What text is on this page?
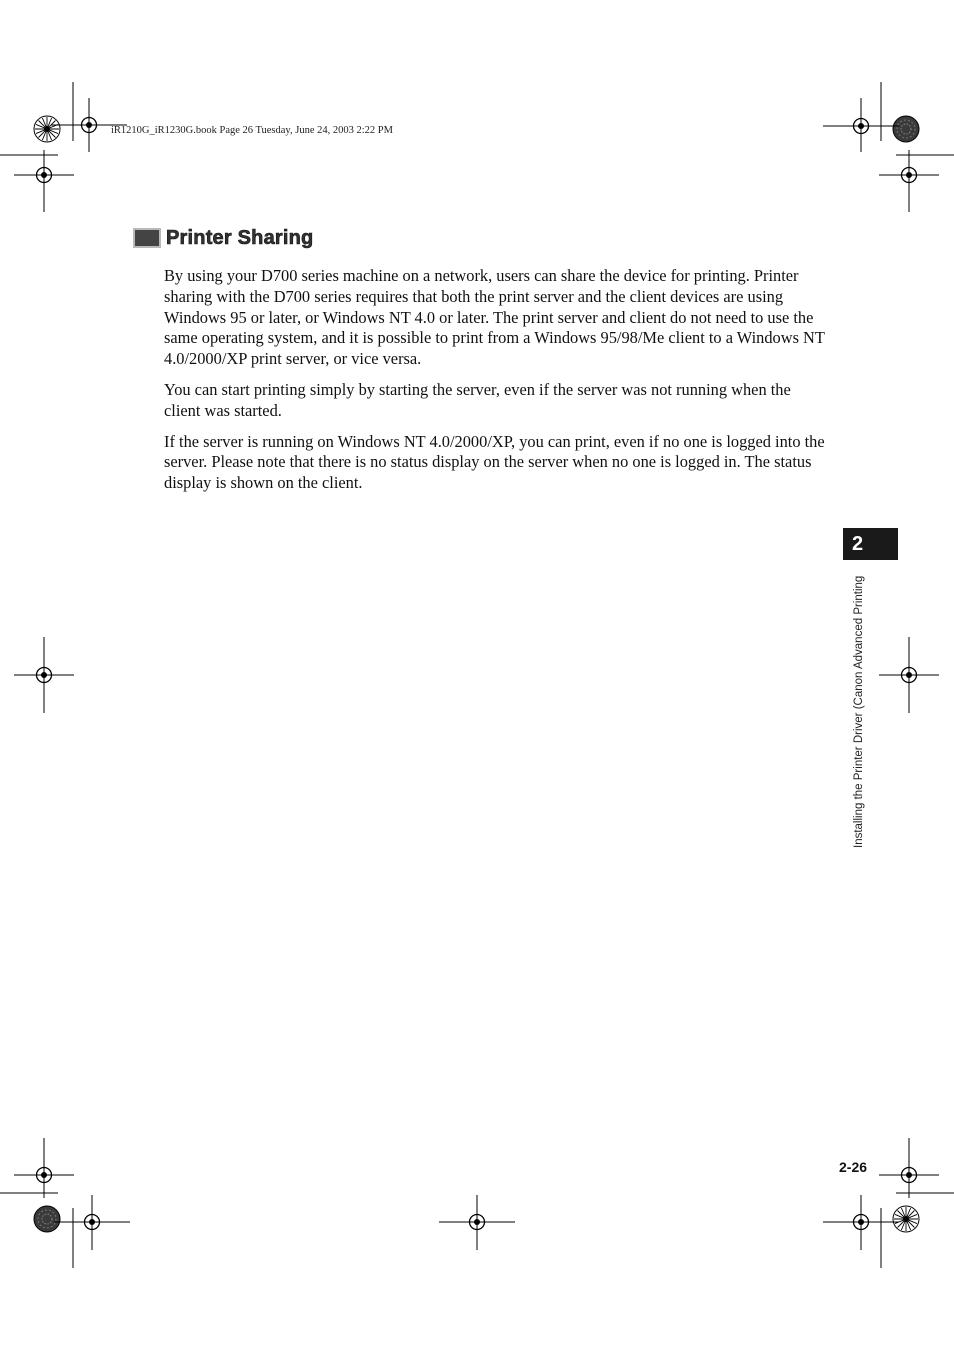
iR1210G_iR1230G.book Page 26 Tuesday, June 24, 2003 2:22 PM
Printer Sharing

By using your D700 series machine on a network, users can share the device for printing. Printer sharing with the D700 series requires that both the print server and the client devices are using Windows 95 or later, or Windows NT 4.0 or later. The print server and client do not need to use the same operating system, and it is possible to print from a Windows 95/98/Me client to a Windows NT 4.0/2000/XP print server, or vice versa.

You can start printing simply by starting the server, even if the server was not running when the client was started.

If the server is running on Windows NT 4.0/2000/XP, you can print, even if no one is logged into the server. Please note that there is no status display on the server when no one is logged in. The status display is shown on the client.

2
Installing the Printer Driver (Canon Advanced Printing
2-26
